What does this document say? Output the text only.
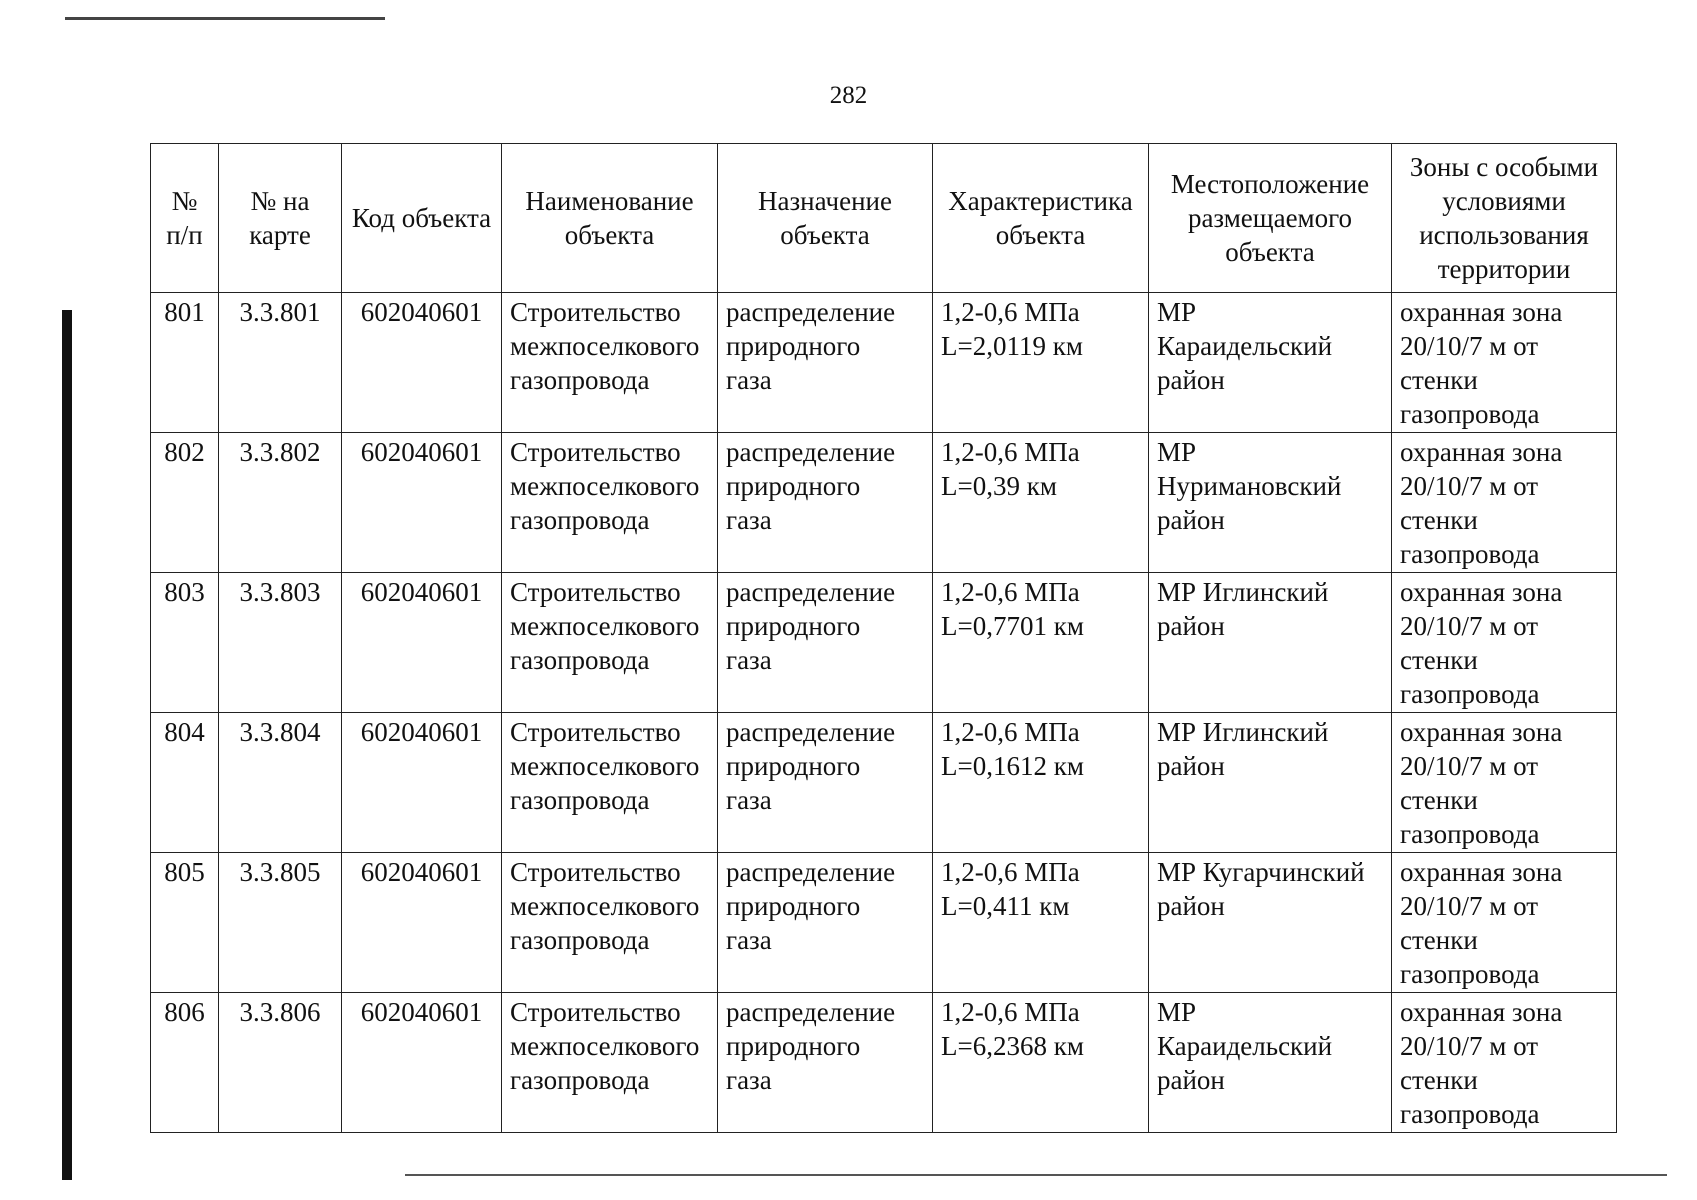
282
№
п/п	№ на
карте	Код объекта	Наименование
объекта	Назначение
объекта	Характеристика
объекта	Местоположение
размещаемого
объекта	Зоны с особыми
условиями
использования
территории
801	3.3.801	602040601	Строительство
межпоселкового
газопровода	распределение
природного
газа	1,2-0,6 МПа
L=2,0119 км	МР
Караидельский
район	охранная зона
20/10/7 м от
стенки
газопровода
802	3.3.802	602040601	Строительство
межпоселкового
газопровода	распределение
природного
газа	1,2-0,6 МПа
L=0,39 км	МР
Нуримановский
район	охранная зона
20/10/7 м от
стенки
газопровода
803	3.3.803	602040601	Строительство
межпоселкового
газопровода	распределение
природного
газа	1,2-0,6 МПа
L=0,7701 км	МР Иглинский
район	охранная зона
20/10/7 м от
стенки
газопровода
804	3.3.804	602040601	Строительство
межпоселкового
газопровода	распределение
природного
газа	1,2-0,6 МПа
L=0,1612 км	МР Иглинский
район	охранная зона
20/10/7 м от
стенки
газопровода
805	3.3.805	602040601	Строительство
межпоселкового
газопровода	распределение
природного
газа	1,2-0,6 МПа
L=0,411 км	МР Кугарчинский
район	охранная зона
20/10/7 м от
стенки
газопровода
806	3.3.806	602040601	Строительство
межпоселкового
газопровода	распределение
природного
газа	1,2-0,6 МПа
L=6,2368 км	МР
Караидельский
район	охранная зона
20/10/7 м от
стенки
газопровода
